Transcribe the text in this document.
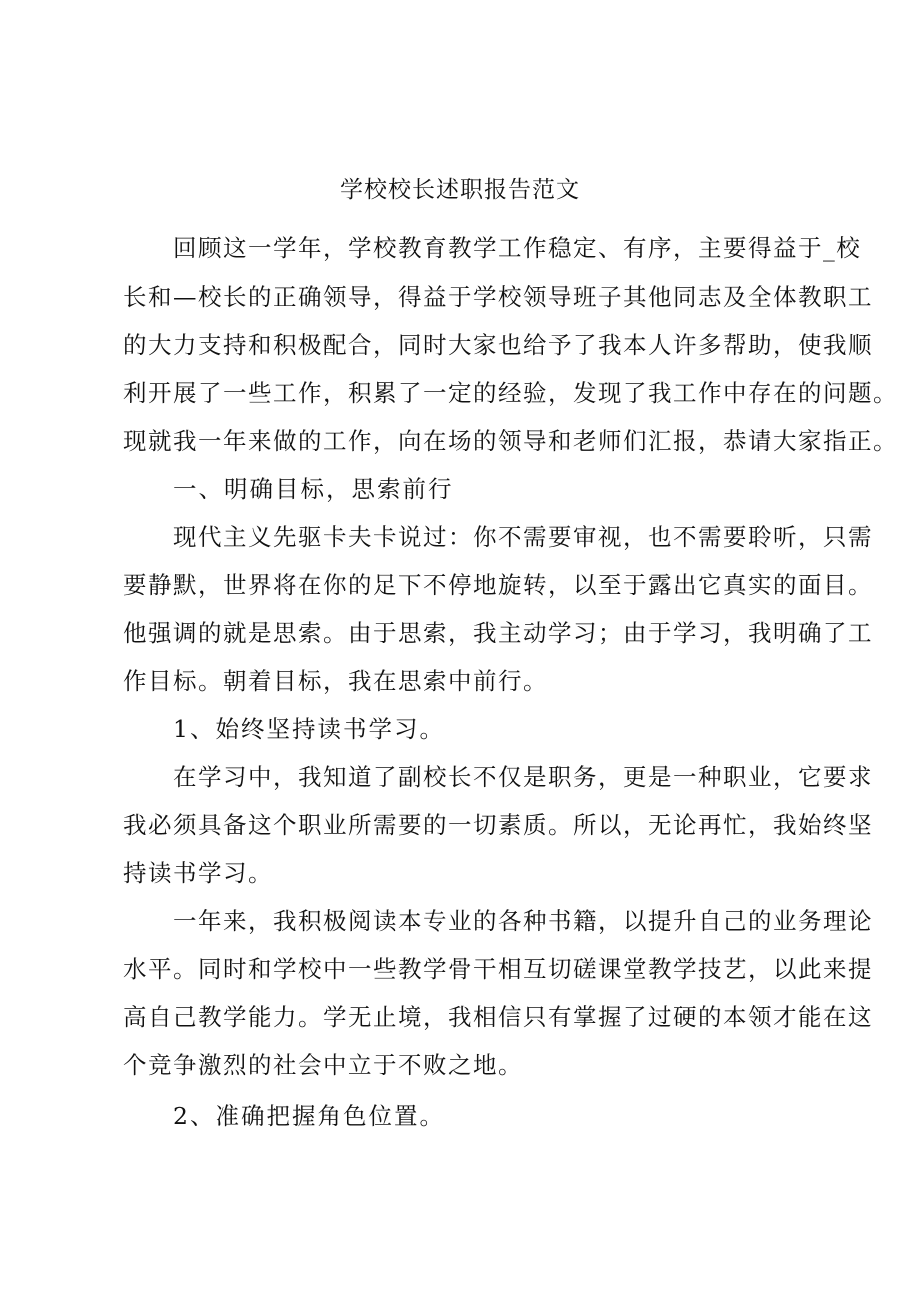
学校校长述职报告范文
回顾这一学年，学校教育教学工作稳定、有序，主要得益于_校
长和—校长的正确领导，得益于学校领导班子其他同志及全体教职工
的大力支持和积极配合，同时大家也给予了我本人许多帮助，使我顺
利开展了一些工作，积累了一定的经验，发现了我工作中存在的问题。
现就我一年来做的工作，向在场的领导和老师们汇报，恭请大家指正。
一、明确目标，思索前行
现代主义先驱卡夫卡说过：你不需要审视，也不需要聆听，只需
要静默，世界将在你的足下不停地旋转，以至于露出它真实的面目。
他强调的就是思索。由于思索，我主动学习；由于学习，我明确了工
作目标。朝着目标，我在思索中前行。
1、始终坚持读书学习。
在学习中，我知道了副校长不仅是职务，更是一种职业，它要求
我必须具备这个职业所需要的一切素质。所以，无论再忙，我始终坚
持读书学习。
一年来，我积极阅读本专业的各种书籍，以提升自己的业务理论
水平。同时和学校中一些教学骨干相互切磋课堂教学技艺，以此来提
高自己教学能力。学无止境，我相信只有掌握了过硬的本领才能在这
个竞争激烈的社会中立于不败之地。
2、准确把握角色位置。
